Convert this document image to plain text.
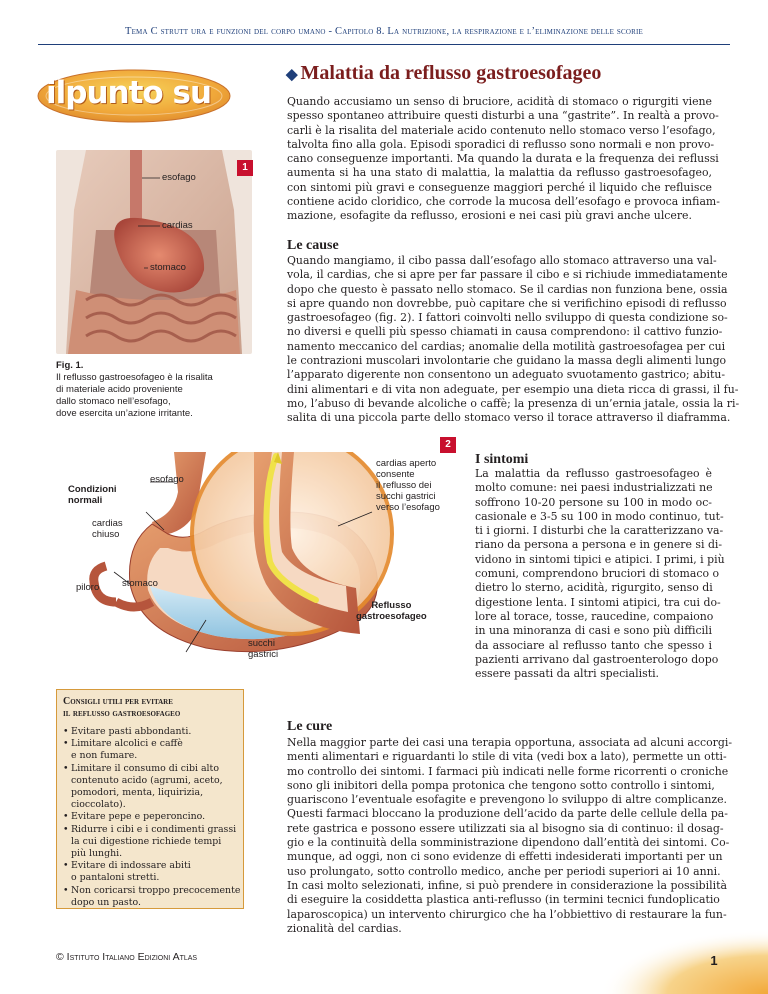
Tema C strutt ura e funzioni del corpo umano - Capitolo 8. La nutrizione, la respirazione e l’eliminazione delle scorie
ilpunto su	◆ Malattia da reflusso gastroesofageo
Quando accusiamo un senso di bruciore, acidità di stomaco o rigurgiti viene
spesso spontaneo attribuire questi disturbi a una “gastrite”. In realtà a provo-
carli è la risalita del materiale acido contenuto nello stomaco verso l’esofago,
talvolta fino alla gola. Episodi sporadici di reflusso sono normali e non provo-
cano conseguenze importanti. Ma quando la durata e la frequenza dei reflussi
aumenta si ha una stato di malattia, la malattia da reflusso gastroesofageo,
con sintomi più gravi e conseguenze maggiori perché il liquido che refluisce
contiene acido cloridico, che corrode la mucosa dell’esofago e provoca infiam-
mazione, esofagite da reflusso, erosioni e nei casi più gravi anche ulcere.
esofago
cardias
stomaco
1
Fig. 1.
Il reflusso gastroesofageo è la risalita
di materiale acido proveniente
dallo stomaco nell’esofago,
dove esercita un’azione irritante.
Le cause
Quando mangiamo, il cibo passa dall’esofago allo stomaco attraverso una val-
vola, il cardias, che si apre per far passare il cibo e si richiude immediatamente
dopo che questo è passato nello stomaco. Se il cardias non funziona bene, ossia
si apre quando non dovrebbe, può capitare che si verifichino episodi di reflusso
gastroesofageo (fig. 2). I fattori coinvolti nello sviluppo di questa condizione so-
no diversi e quelli più spesso chiamati in causa comprendono: il cattivo funzio-
namento meccanico del cardias; anomalie della motilità gastroesofagea per cui
le contrazioni muscolari involontarie che guidano la massa degli alimenti lungo
l’apparato digerente non consentono un adeguato svuotamento gastrico; abitu-
dini alimentari e di vita non adeguate, per esempio una dieta ricca di grassi, il fu-
mo, l’abuso di bevande alcoliche o caffè; la presenza di un’ernia jatale, ossia la ri-
salita di una piccola parte dello stomaco verso il torace attraverso il diaframma.
2
Condizioni
normali
esofago
cardias
chiuso
piloro stomaco
succhi
gastrici
cardias aperto
consente
il reflusso dei
succhi gastrici
verso l’esofago
Reflusso
gastroesofageo
I sintomi
La malattia da reflusso gastroesofageo è
molto comune: nei paesi industrializzati ne
soffrono 10-20 persone su 100 in modo oc-
casionale e 3-5 su 100 in modo continuo, tut-
ti i giorni. I disturbi che la caratterizzano va-
riano da persona a persona e in genere si di-
vidono in sintomi tipici e atipici. I primi, i più
comuni, comprendono bruciori di stomaco o
dietro lo sterno, acidità, rigurgito, senso di
digestione lenta. I sintomi atipici, tra cui do-
lore al torace, tosse, raucedine, compaiono
in una minoranza di casi e sono più difficili
da associare al reflusso tanto che spesso i
pazienti arrivano dal gastroenterologo dopo
essere passati da altri specialisti.
Consigli utili per evitare
il reflusso gastroesofageo
• Evitare pasti abbondanti.
• Limitare alcolici e caffè
e non fumare.
• Limitare il consumo di cibi alto
contenuto acido (agrumi, aceto,
pomodori, menta, liquirizia,
cioccolato).
• Evitare pepe e peperoncino.
• Ridurre i cibi e i condimenti grassi
la cui digestione richiede tempi
più lunghi.
• Evitare di indossare abiti
o pantaloni stretti.
• Non coricarsi troppo precocemente
dopo un pasto.
Le cure
Nella maggior parte dei casi una terapia opportuna, associata ad alcuni accorgi-
menti alimentari e riguardanti lo stile di vita (vedi box a lato), permette un otti-
mo controllo dei sintomi. I farmaci più indicati nelle forme ricorrenti o croniche
sono gli inibitori della pompa protonica che tengono sotto controllo i sintomi,
guariscono l’eventuale esofagite e prevengono lo sviluppo di altre complicanze.
Questi farmaci bloccano la produzione dell’acido da parte delle cellule della pa-
rete gastrica e possono essere utilizzati sia al bisogno sia di continuo: il dosag-
gio e la continuità della somministrazione dipendono dall’entità dei sintomi. Co-
munque, ad oggi, non ci sono evidenze di effetti indesiderati importanti per un
uso prolungato, sotto controllo medico, anche per periodi superiori ai 10 anni.
In casi molto selezionati, infine, si può prendere in considerazione la possibilità
di eseguire la cosiddetta plastica anti-reflusso (in termini tecnici fundoplicatio
laparoscopica) un intervento chirurgico che ha l’obbiettivo di restaurare la fun-
zionalità del cardias.
© Istituto Italiano Edizioni Atlas	1
